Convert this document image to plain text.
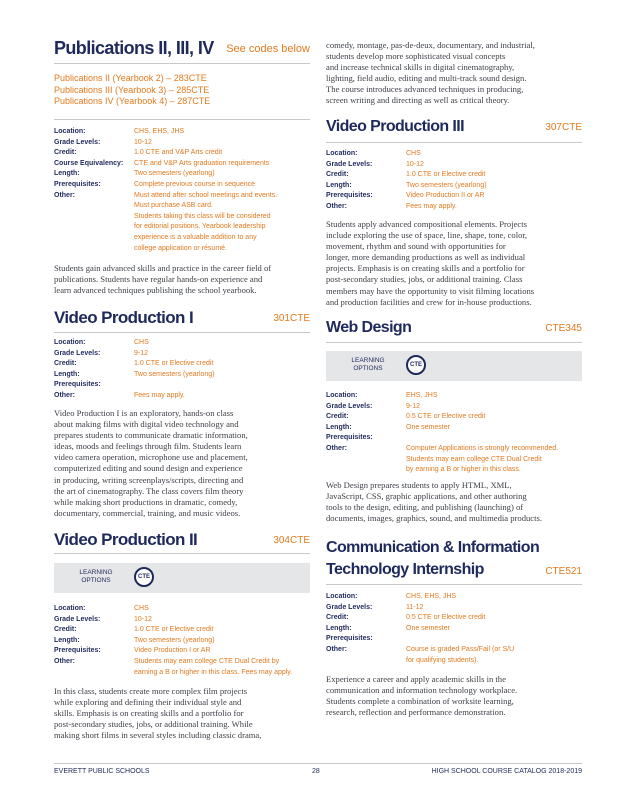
Publications II, III, IV See codes below
Publications II (Yearbook 2) – 283CTE
Publications III (Yearbook 3) – 285CTE
Publications IV (Yearbook 4) – 287CTE
Location:	CHS, EHS, JHS
Grade Levels:	10-12
Credit:	1.0 CTE and V&P Arts credit
Course Equivalency:	CTE and V&P Arts graduation requirements
Length:	Two semesters (yearlong)
Prerequisites:	Complete previous course in sequence
Other:	Must attend after school meetings and events.
Must purchase ASB card.
Students taking this class will be considered
for editorial positions. Yearbook leadership
experience is a valuable addition to any
college application or résumé.
Students gain advanced skills and practice in the career field of
publications. Students have regular hands-on experience and
learn advanced techniques publishing the school yearbook.
Video Production I	301CTE
Location:	CHS
Grade Levels:	9-12
Credit:	1.0 CTE or Elective credit
Length:	Two semesters (yearlong)
Prerequisites:
Other:	Fees may apply.
Video Production I is an exploratory, hands-on class
about making films with digital video technology and
prepares students to communicate dramatic information,
ideas, moods and feelings through film. Students learn
video camera operation, microphone use and placement,
computerized editing and sound design and experience
in producing, writing screenplays/scripts, directing and
the art of cinematography. The class covers film theory
while making short productions in dramatic, comedy,
documentary, commercial, training, and music videos.
Video Production II	304CTE
LEARNING OPTIONS	CTE
Location:	CHS
Grade Levels:	10-12
Credit:	1.0 CTE or Elective credit
Length:	Two semesters (yearlong)
Prerequisites:	Video Production I or AR
Other:	Students may earn college CTE Dual Credit by
earning a B or higher in this class. Fees may apply.
In this class, students create more complex film projects
while exploring and defining their individual style and
skills. Emphasis is on creating skills and a portfolio for
post-secondary studies, jobs, or additional training. While
making short films in several styles including classic drama,
comedy, montage, pas-de-deux, documentary, and industrial,
students develop more sophisticated visual concepts
and increase technical skills in digital cinematography,
lighting, field audio, editing and multi-track sound design.
The course introduces advanced techniques in producing,
screen writing and directing as well as critical theory.
Video Production III	307CTE
Location:	CHS
Grade Levels:	10-12
Credit:	1.0 CTE or Elective credit
Length:	Two semesters (yearlong)
Prerequisites:	Video Production II or AR
Other:	Fees may apply.
Students apply advanced compositional elements. Projects
include exploring the use of space, line, shape, tone, color,
movement, rhythm and sound with opportunities for
longer, more demanding productions as well as individual
projects. Emphasis is on creating skills and a portfolio for
post-secondary studies, jobs, or additional training. Class
members may have the opportunity to visit filming locations
and production facilities and crew for in-house productions.
Web Design	CTE345
LEARNING OPTIONS	CTE
Location:	EHS, JHS
Grade Levels:	9-12
Credit:	0.5 CTE or Elective credit
Length:	One semester
Prerequisites:
Other:	Computer Applications is strongly recommended.
Students may earn college CTE Dual Credit
by earning a B or higher in this class.
Web Design prepares students to apply HTML, XML,
JavaScript, CSS, graphic applications, and other authoring
tools to the design, editing, and publishing (launching) of
documents, images, graphics, sound, and multimedia products.
Communication & Information
Technology Internship	CTE521
Location:	CHS, EHS, JHS
Grade Levels:	11-12
Credit:	0.5 CTE or Elective credit
Length:	One semester
Prerequisites:
Other:	Course is graded Pass/Fail (or S/U
for qualifying students).
Experience a career and apply academic skills in the
communication and information technology workplace.
Students complete a combination of worksite learning,
research, reflection and performance demonstration.
EVERETT PUBLIC SCHOOLS	28	HIGH SCHOOL COURSE CATALOG 2018-2019
